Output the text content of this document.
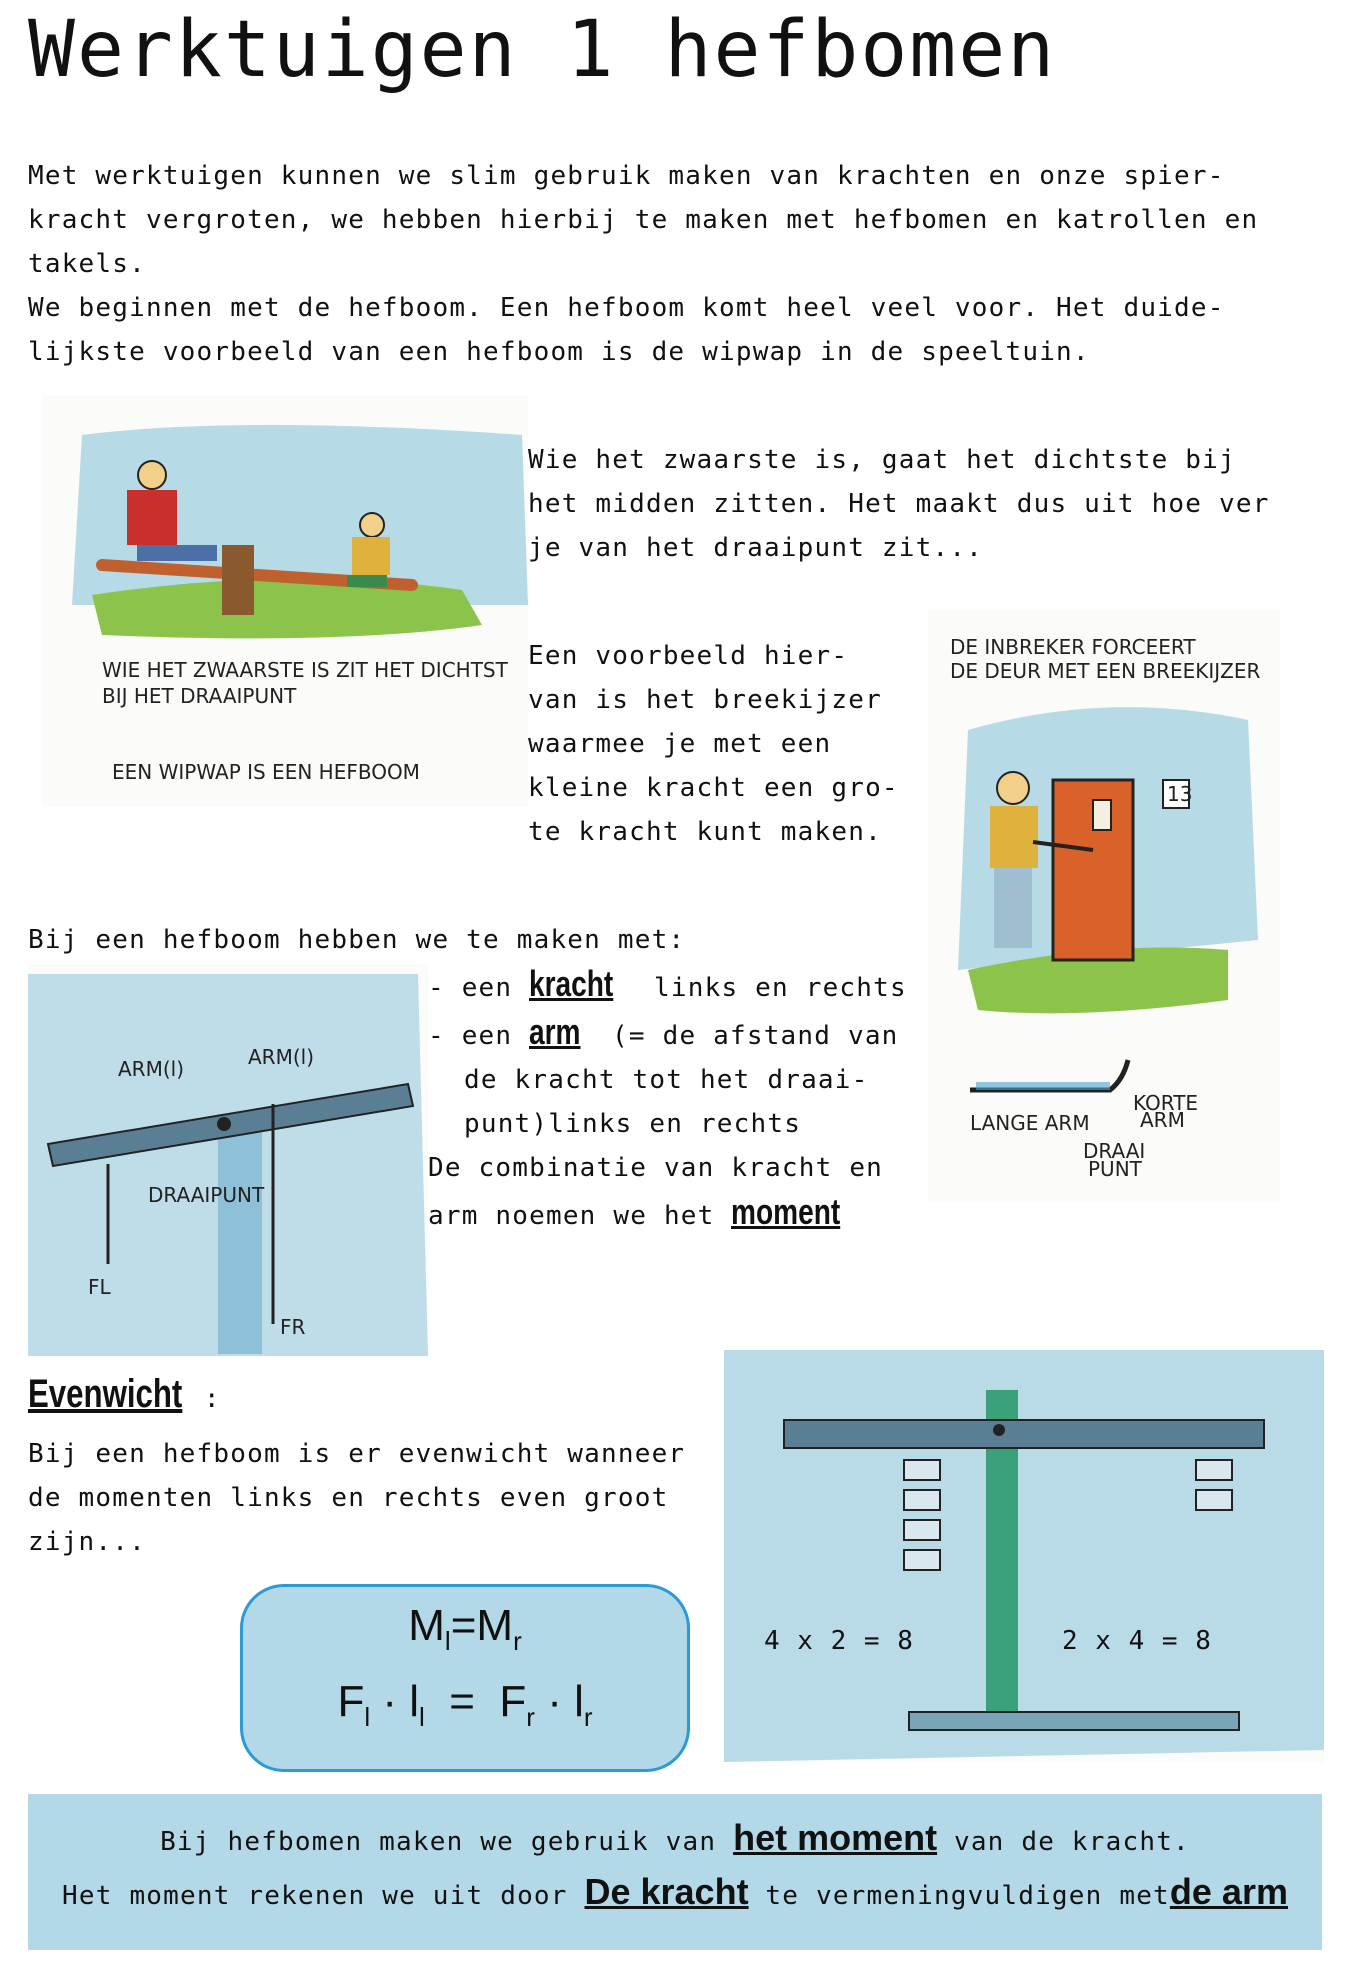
Werktuigen 1 hefbomen
Met werktuigen kunnen we slim gebruik maken van krachten en onze spier-
kracht vergroten, we hebben hierbij te maken met hefbomen en katrollen en
takels.
We beginnen met de hefboom. Een hefboom komt heel veel voor. Het duide-
lijkste voorbeeld van een hefboom is de wipwap in de speeltuin.
WIE HET ZWAARSTE IS ZIT HET DICHTST
BIJ HET DRAAIPUNT
EEN WIPWAP IS EEN HEFBOOM
Wie het zwaarste is, gaat het dichtste bij
het midden zitten. Het maakt dus uit hoe ver
je van het draaipunt zit...
Een voorbeeld hier-
van is het breekijzer
waarmee je met een
kleine kracht een gro-
te kracht kunt maken.
DE INBREKER FORCEERT
DE DEUR MET EEN BREEKIJZER
13
LANGE ARM
KORTE
ARM
DRAAI
PUNT
Bij een hefboom hebben we te maken met:
ARM(l)	ARM(l)
DRAAIPUNT
FL
FR
- een kracht links en rechts
- een arm (= de afstand van
de kracht tot het draai-
punt)links en rechts
De combinatie van kracht en
arm noemen we het moment
Evenwicht :
Bij een hefboom is er evenwicht wanneer
de momenten links en rechts even groot
zijn...
$M_l=M_r$
$F_l \cdot l_l = F_r \cdot l_r$
4 x 2 = 8	2 x 4 = 8
Bij hefbomen maken we gebruik van het moment van de kracht.
Het moment rekenen we uit door De kracht te vermeningvuldigen metde arm
